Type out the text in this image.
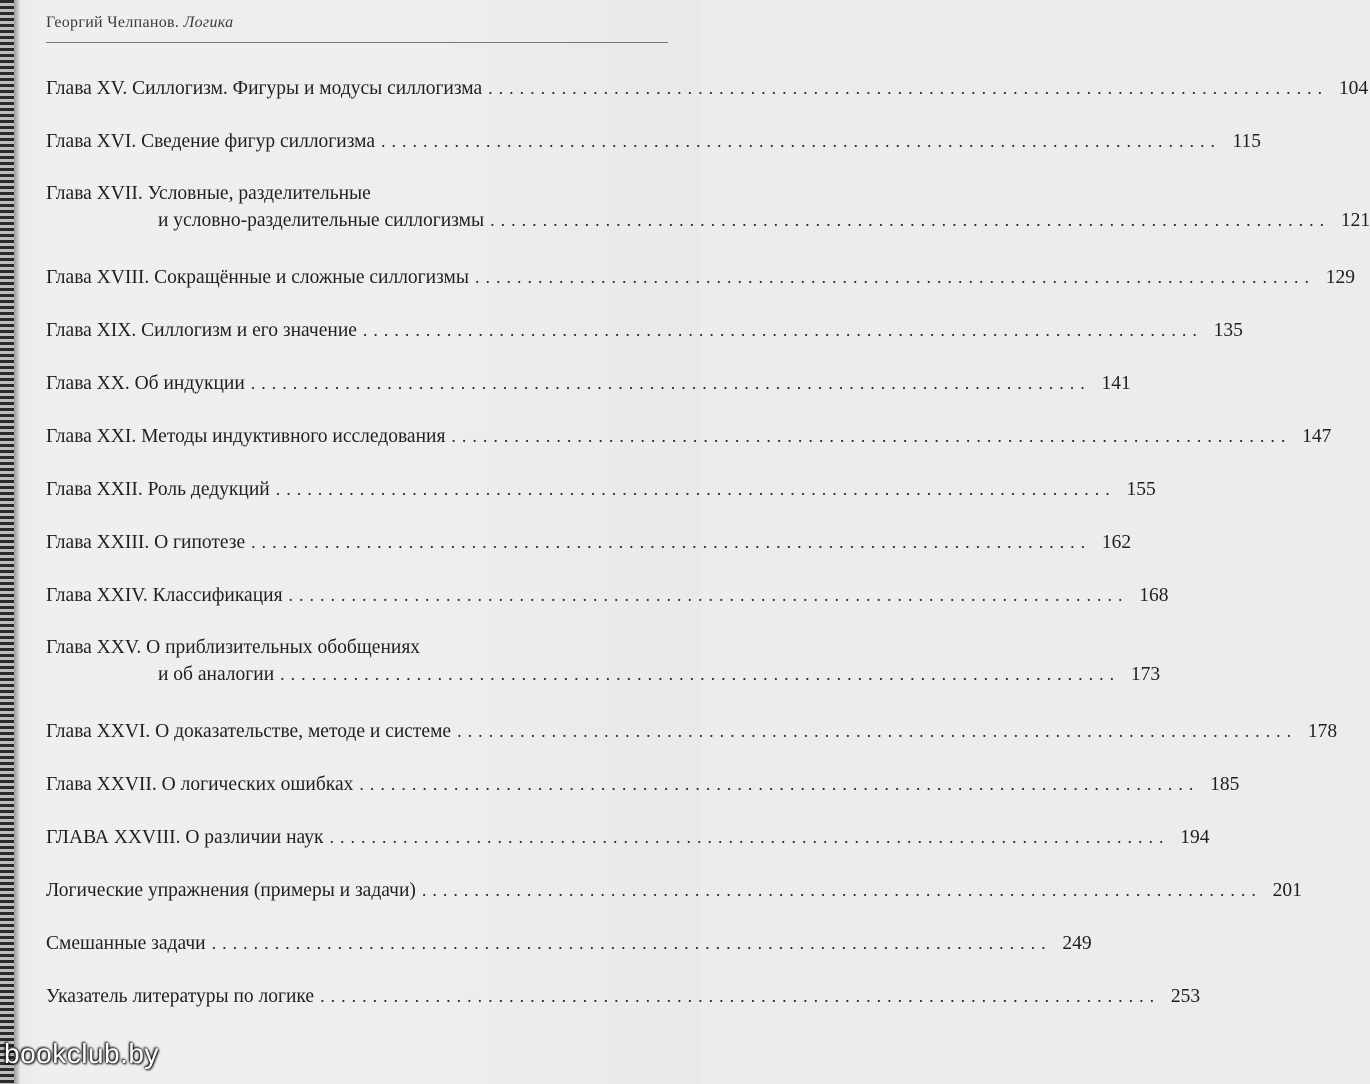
Георгий Челпанов. Логика
Глава XV. Силлогизм. Фигуры и модусы силлогизма ................................................................................ 104
Глава XVI. Сведение фигур силлогизма ................................................................................ 115
Глава XVII. Условные, разделительные
и условно-разделительные силлогизмы ................................................................................ 121
Глава XVIII. Сокращённые и сложные силлогизмы ................................................................................ 129
Глава XIX. Силлогизм и его значение ................................................................................ 135
Глава XX. Об индукции ................................................................................ 141
Глава XXI. Методы индуктивного исследования ................................................................................ 147
Глава XXII. Роль дедукций ................................................................................ 155
Глава XXIII. О гипотезе ................................................................................ 162
Глава XXIV. Классификация ................................................................................ 168
Глава XXV. О приблизительных обобщениях
и об аналогии ................................................................................ 173
Глава XXVI. О доказательстве, методе и системе ................................................................................ 178
Глава XXVII. О логических ошибках ................................................................................ 185
ГЛАВА XXVIII. О различии наук ................................................................................ 194
Логические упражнения (примеры и задачи) ................................................................................ 201
Смешанные задачи ................................................................................ 249
Указатель литературы по логике ................................................................................ 253
bookclub.by
